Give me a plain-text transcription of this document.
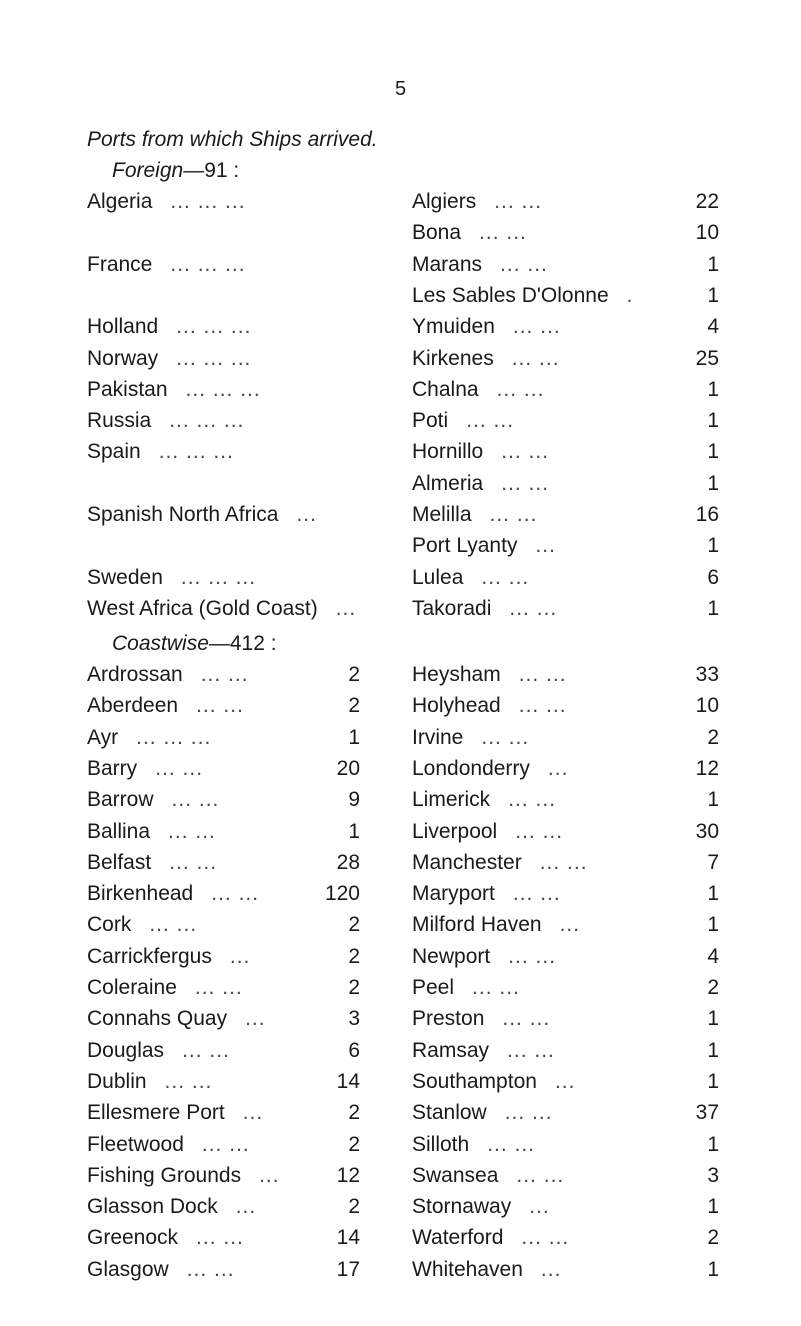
5
Ports from which Ships arrived.
Foreign—91 :
Algeria ... ... ...	Algiers ... ...	22
Bona ... ...	10
France ... ... ...	Marans ... ...	1
Les Sables D'Olonne .	1
Holland ... ... ...	Ymuiden ... ...	4
Norway ... ... ...	Kirkenes ... ...	25
Pakistan ... ... ...	Chalna ... ...	1
Russia ... ... ...	Poti ... ...	1
Spain ... ... ...	Hornillo ... ...	1
Almeria ... ...	1
Spanish North Africa ...	Melilla ... ...	16
Port Lyanty ...	1
Sweden ... ... ...	Lulea ... ...	6
West Africa (Gold Coast) ...	Takoradi ... ...	1
Coastwise—412 :
Ardrossan ... ...	2 Heysham ... ...	33
Aberdeen ... ...	2 Holyhead ... ...	10
Ayr ... ... ...	1 Irvine ... ...	2
Barry ... ...	20 Londonderry ...	12
Barrow ... ...	9 Limerick ... ...	1
Ballina ... ...	1 Liverpool ... ...	30
Belfast ... ...	28 Manchester ... ...	7
Birkenhead ... ...	120 Maryport ... ...	1
Cork ... ...	2 Milford Haven ...	1
Carrickfergus ...	2 Newport ... ...	4
Coleraine ... ...	2 Peel ... ...	2
Connahs Quay ...	3 Preston ... ...	1
Douglas ... ...	6 Ramsay ... ...	1
Dublin ... ...	14 Southampton ...	1
Ellesmere Port ...	2 Stanlow ... ...	37
Fleetwood ... ...	2 Silloth ... ...	1
Fishing Grounds ...	12 Swansea ... ...	3
Glasson Dock ...	2 Stornaway ...	1
Greenock ... ...	14 Waterford ... ...	2
Glasgow ... ...	17 Whitehaven ...	1
